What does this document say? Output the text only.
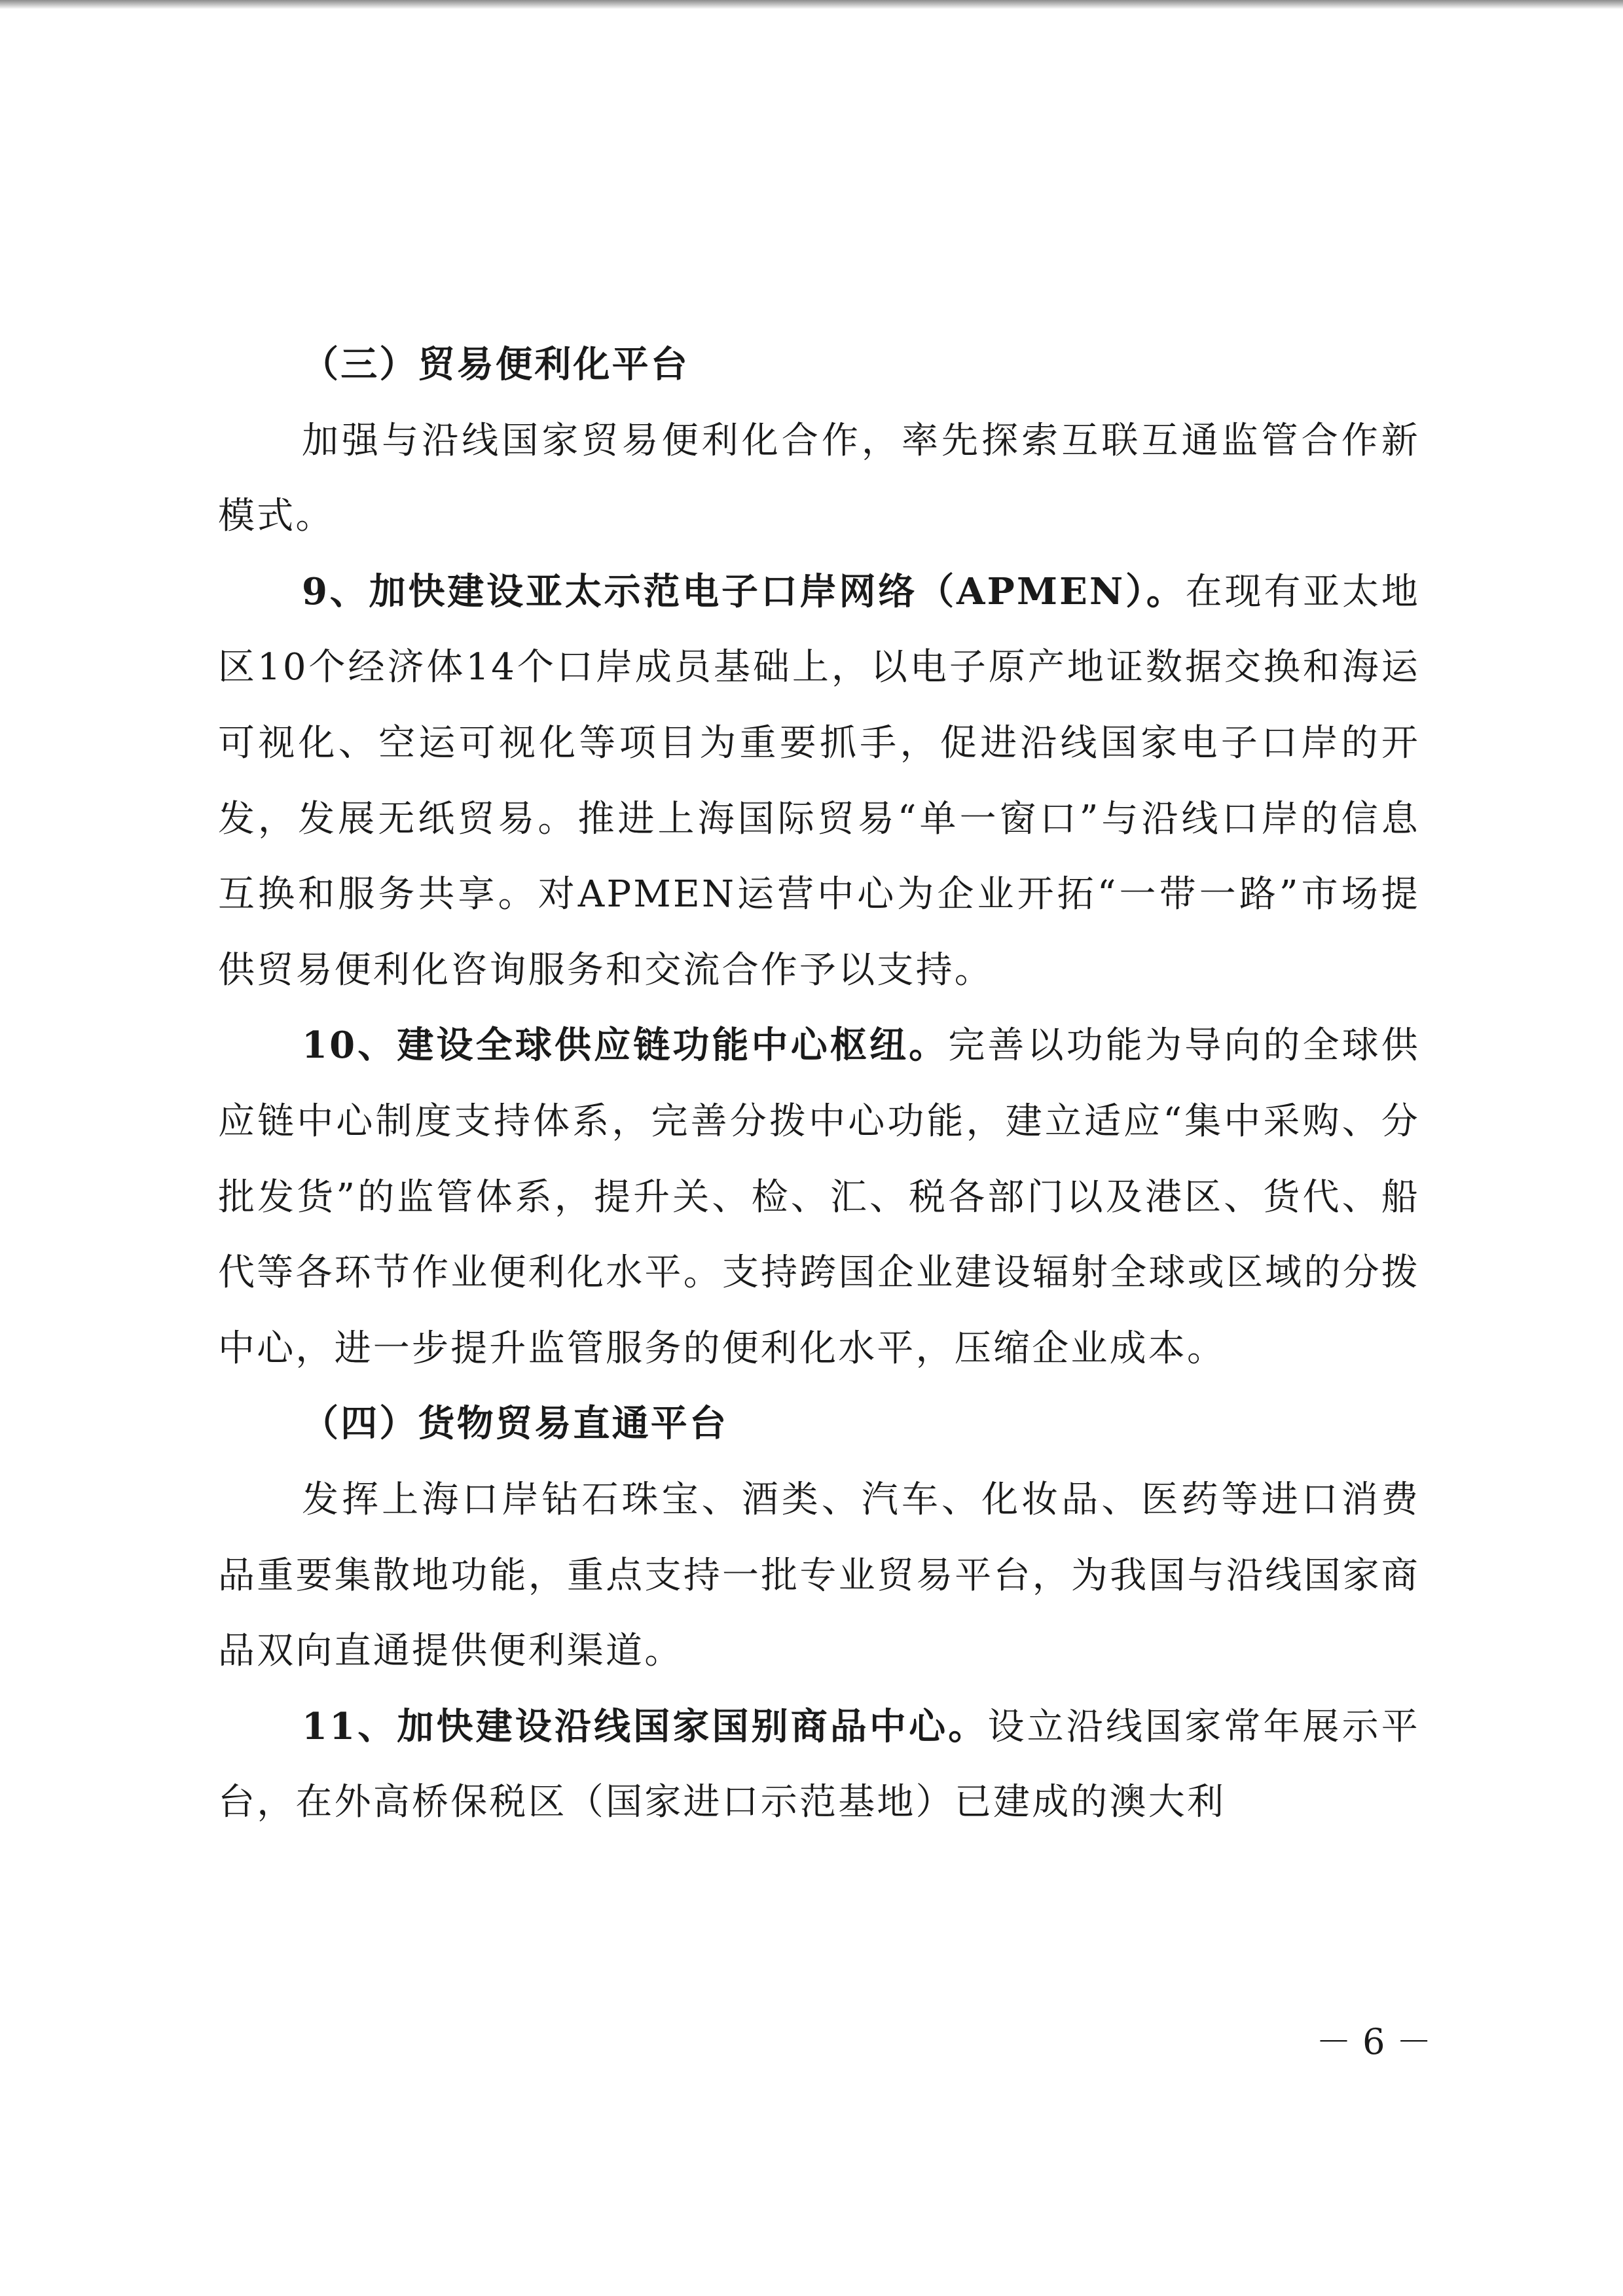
（三）贸易便利化平台

加强与沿线国家贸易便利化合作，率先探索互联互通监管合作新模式。

9、加快建设亚太示范电子口岸网络（APMEN）。在现有亚太地区10个经济体14个口岸成员基础上，以电子原产地证数据交换和海运可视化、空运可视化等项目为重要抓手，促进沿线国家电子口岸的开发，发展无纸贸易。推进上海国际贸易“单一窗口”与沿线口岸的信息互换和服务共享。对APMEN运营中心为企业开拓“一带一路”市场提供贸易便利化咨询服务和交流合作予以支持。

10、建设全球供应链功能中心枢纽。完善以功能为导向的全球供应链中心制度支持体系，完善分拨中心功能，建立适应“集中采购、分批发货”的监管体系，提升关、检、汇、税各部门以及港区、货代、船代等各环节作业便利化水平。支持跨国企业建设辐射全球或区域的分拨中心，进一步提升监管服务的便利化水平，压缩企业成本。

（四）货物贸易直通平台

发挥上海口岸钻石珠宝、酒类、汽车、化妆品、医药等进口消费品重要集散地功能，重点支持一批专业贸易平台，为我国与沿线国家商品双向直通提供便利渠道。

11、加快建设沿线国家国别商品中心。设立沿线国家常年展示平台，在外高桥保税区（国家进口示范基地）已建成的澳大利

－ 6 －
